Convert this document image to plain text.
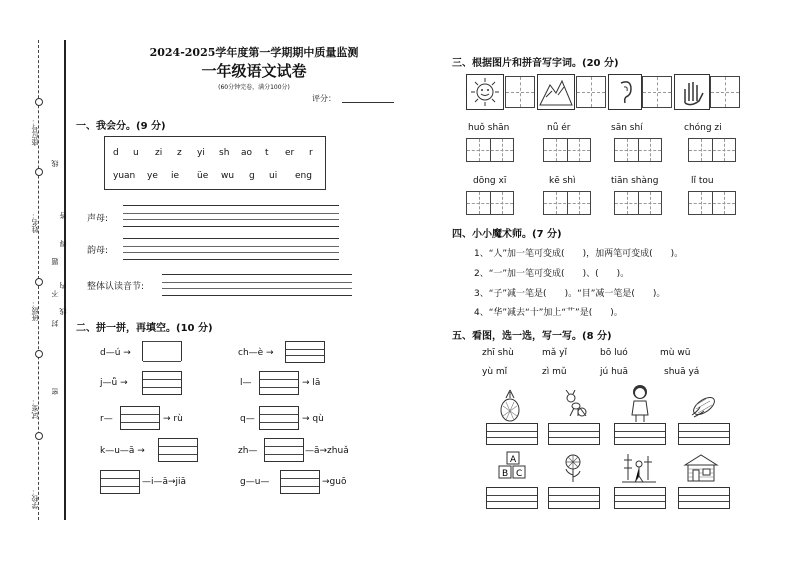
座位号：
姓名：
班级：
试室：
学校：
线
题
不
封
密
答
得
内
线
2024-2025学年度第一学期期中质量监测
一年级语文试卷
(60分钟完卷，满分100分)
评分：
一、我会分。(9 分)
d u zi z yi sh ao t er r
yuan ye ie üe wu g ui eng
声母:
韵母:
整体认读音节:
二、拼一拼，再填空。(10 分)
d—ú →	ch—è →
j—ǚ →	l—	→ lā
r—	→ rù	q—	→ qù
k—u—ā →	zh—	—ā→zhuǎ
—i—ā→jiā	g—u—	→guō
三、根据图片和拼音写字词。(20 分)
huǒ shān	nǚ ér	sān shí	chóng zi
dōng xī	kē shì	tiān shàng	lǐ tou
四、小小魔术师。(7 分)
1、“人”加一笔可变成(　　)，加两笔可变成(　　)。
2、“一”加一笔可变成(　　)、(　　)。
3、“子”减一笔是(　　)。“目”减一笔是(　　)。
4、“华”减去“十”加上“艹”是(　　)。
五、看图，选一选，写一写。(8 分)
zhī shù	mǎ yǐ	bō luó	mù wū
yù mǐ	zì mǔ	jú huā	shuā yá
A
B C
